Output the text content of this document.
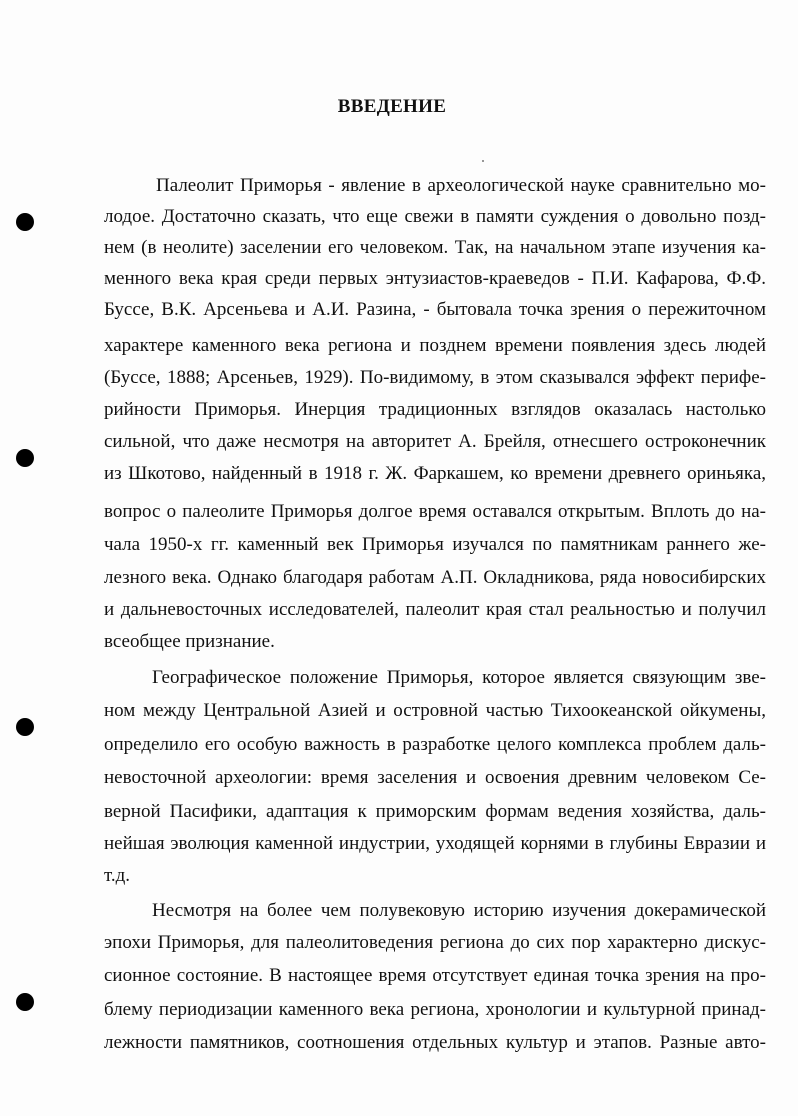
ВВЕДЕНИЕ
Палеолит Приморья - явление в археологической науке сравнительно мо-
лодое. Достаточно сказать, что еще свежи в памяти суждения о довольно позд-
нем (в неолите) заселении его человеком. Так, на начальном этапе изучения ка-
менного века края среди первых энтузиастов-краеведов - П.И. Кафарова, Ф.Ф.
Буссе, В.К. Арсеньева и А.И. Разина, - бытовала точка зрения о пережиточном
характере каменного века региона и позднем времени появления здесь людей
(Буссе, 1888; Арсеньев, 1929). По-видимому, в этом сказывался эффект перифе-
рийности Приморья. Инерция традиционных взглядов оказалась настолько
сильной, что даже несмотря на авторитет А. Брейля, отнесшего остроконечник
из Шкотово, найденный в 1918 г. Ж. Фаркашем, ко времени древнего ориньяка,
вопрос о палеолите Приморья долгое время оставался открытым. Вплоть до на-
чала 1950-х гг. каменный век Приморья изучался по памятникам раннего же-
лезного века. Однако благодаря работам А.П. Окладникова, ряда новосибирских
и дальневосточных исследователей, палеолит края стал реальностью и получил
всеобщее признание.
Географическое положение Приморья, которое является связующим зве-
ном между Центральной Азией и островной частью Тихоокеанской ойкумены,
определило его особую важность в разработке целого комплекса проблем даль-
невосточной археологии: время заселения и освоения древним человеком Се-
верной Пасифики, адаптация к приморским формам ведения хозяйства, даль-
нейшая эволюция каменной индустрии, уходящей корнями в глубины Евразии и
т.д.
Несмотря на более чем полувековую историю изучения докерамической
эпохи Приморья, для палеолитоведения региона до сих пор характерно дискус-
сионное состояние. В настоящее время отсутствует единая точка зрения на про-
блему периодизации каменного века региона, хронологии и культурной принад-
лежности памятников, соотношения отдельных культур и этапов. Разные авто-
